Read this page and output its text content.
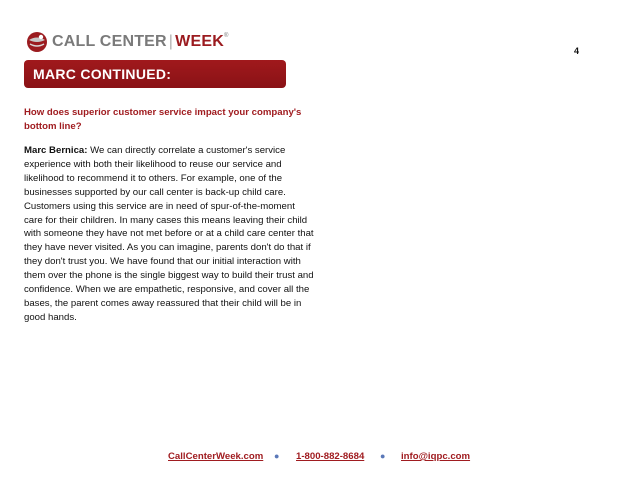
CALL CENTER | WEEK®
4
MARC CONTINUED:
How does superior customer service impact your company's bottom line?
Marc Bernica: We can directly correlate a customer's service experience with both their likelihood to reuse our service and likelihood to recommend it to others. For example, one of the businesses supported by our call center is back-up child care. Customers using this service are in need of spur-of-the-moment care for their children. In many cases this means leaving their child with someone they have not met before or at a child care center that they have never visited. As you can imagine, parents don't do that if they don't trust you. We have found that our initial interaction with them over the phone is the single biggest way to build their trust and confidence. When we are empathetic, responsive, and cover all the bases, the parent comes away reassured that their child will be in good hands.
CallCenterWeek.com ● 1-800-882-8684 ● info@iqpc.com
